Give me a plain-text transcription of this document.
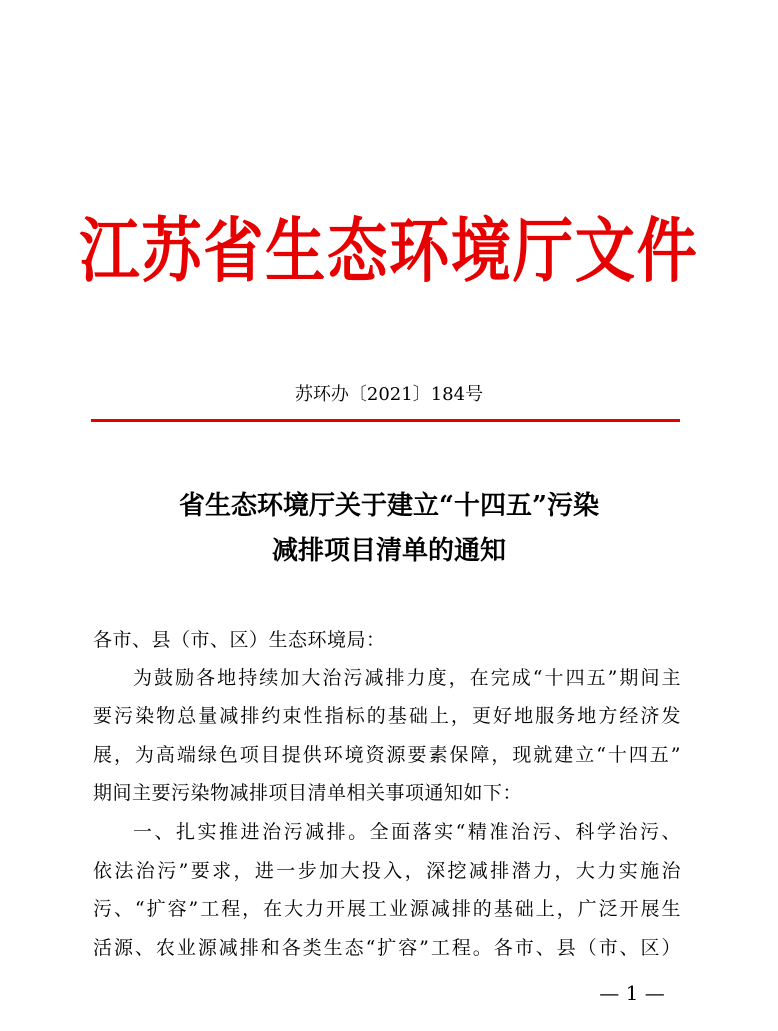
江苏省生态环境厅文件
苏环办〔2021〕184号
省生态环境厅关于建立“十四五”污染
减排项目清单的通知
各市、县（市、区）生态环境局：
为鼓励各地持续加大治污减排力度，在完成“十四五”期间主
要污染物总量减排约束性指标的基础上，更好地服务地方经济发
展，为高端绿色项目提供环境资源要素保障，现就建立“十四五”
期间主要污染物减排项目清单相关事项通知如下：
一、扎实推进治污减排。全面落实“精准治污、科学治污、
依法治污”要求，进一步加大投入，深挖减排潜力，大力实施治
污、“扩容”工程，在大力开展工业源减排的基础上，广泛开展生
活源、农业源减排和各类生态“扩容”工程。各市、县（市、区）
— 1 —
